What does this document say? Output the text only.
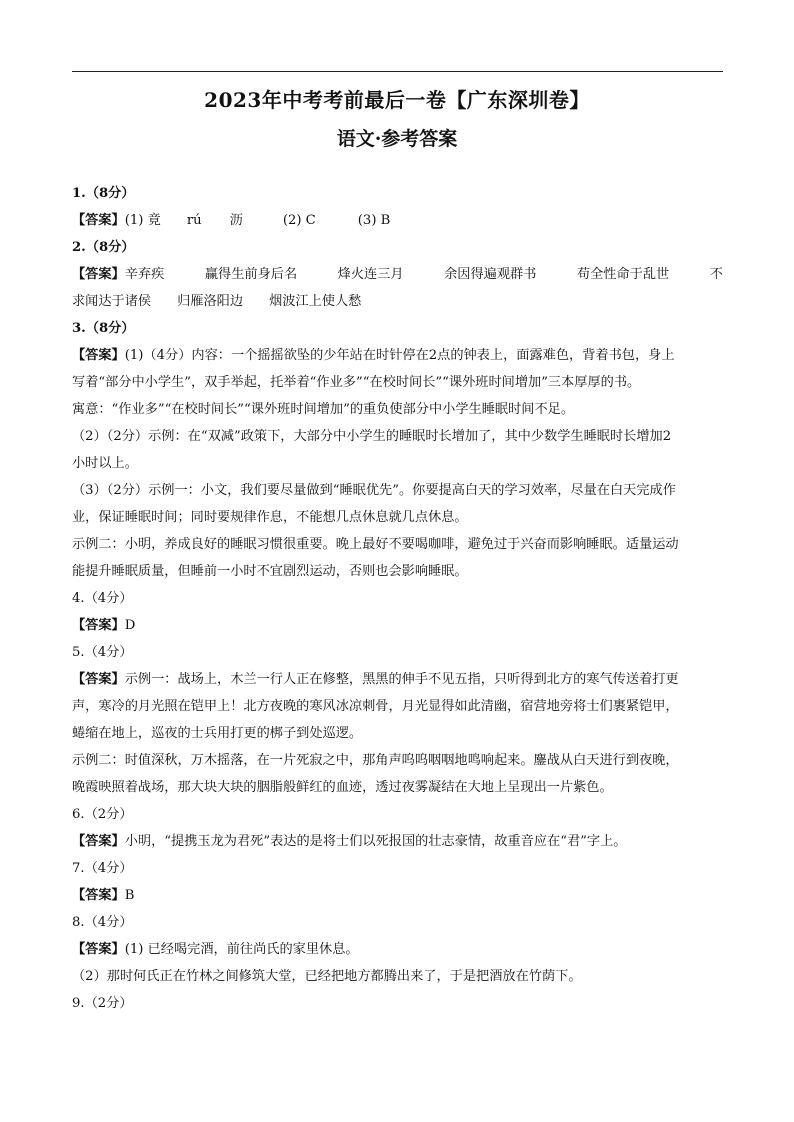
2023年中考考前最后一卷【广东深圳卷】
语文·参考答案
1.（8分）
【答案】(1) 竟 rú 沥	(2) C	(3) B
2.（8分）
【答案】辛弃疾	赢得生前身后名	烽火连三月	余因得遍观群书	苟全性命于乱世	不
求闻达于诸侯 归雁洛阳边 烟波江上使人愁
3.（8分）
【答案】(1)（4分）内容：一个摇摇欲坠的少年站在时针停在2点的钟表上，面露难色，背着书包，身上
写着“部分中小学生”，双手举起，托举着“作业多”“在校时间长”“课外班时间增加”三本厚厚的书。
寓意：“作业多”“在校时间长”“课外班时间增加”的重负使部分中小学生睡眠时间不足。
（2）（2分）示例：在“双减”政策下，大部分中小学生的睡眠时长增加了，其中少数学生睡眠时长增加2
小时以上。
（3）（2分）示例一：小文，我们要尽量做到“睡眠优先”。你要提高白天的学习效率，尽量在白天完成作
业，保证睡眠时间；同时要规律作息，不能想几点休息就几点休息。
示例二：小明，养成良好的睡眠习惯很重要。晚上最好不要喝咖啡，避免过于兴奋而影响睡眠。适量运动
能提升睡眠质量，但睡前一小时不宜剧烈运动，否则也会影响睡眠。
4.（4分）
【答案】D
5.（4分）
【答案】示例一：战场上，木兰一行人正在修整，黑黑的伸手不见五指，只听得到北方的寒气传送着打更
声，寒冷的月光照在铠甲上！北方夜晚的寒风冰凉刺骨，月光显得如此清幽，宿营地旁将士们裹紧铠甲，
蜷缩在地上，巡夜的士兵用打更的梆子到处巡逻。
示例二：时值深秋，万木摇落，在一片死寂之中，那角声呜呜咽咽地鸣响起来。鏖战从白天进行到夜晚，
晚霞映照着战场，那大块大块的胭脂般鲜红的血迹，透过夜雾凝结在大地上呈现出一片紫色。
6.（2分）
【答案】小明，“提携玉龙为君死”表达的是将士们以死报国的壮志豪情，故重音应在“君”字上。
7.（4分）
【答案】B
8.（4分）
【答案】(1) 已经喝完酒，前往尚氏的家里休息。
（2）那时何氏正在竹林之间修筑大堂，已经把地方都腾出来了，于是把酒放在竹荫下。
9.（2分）
